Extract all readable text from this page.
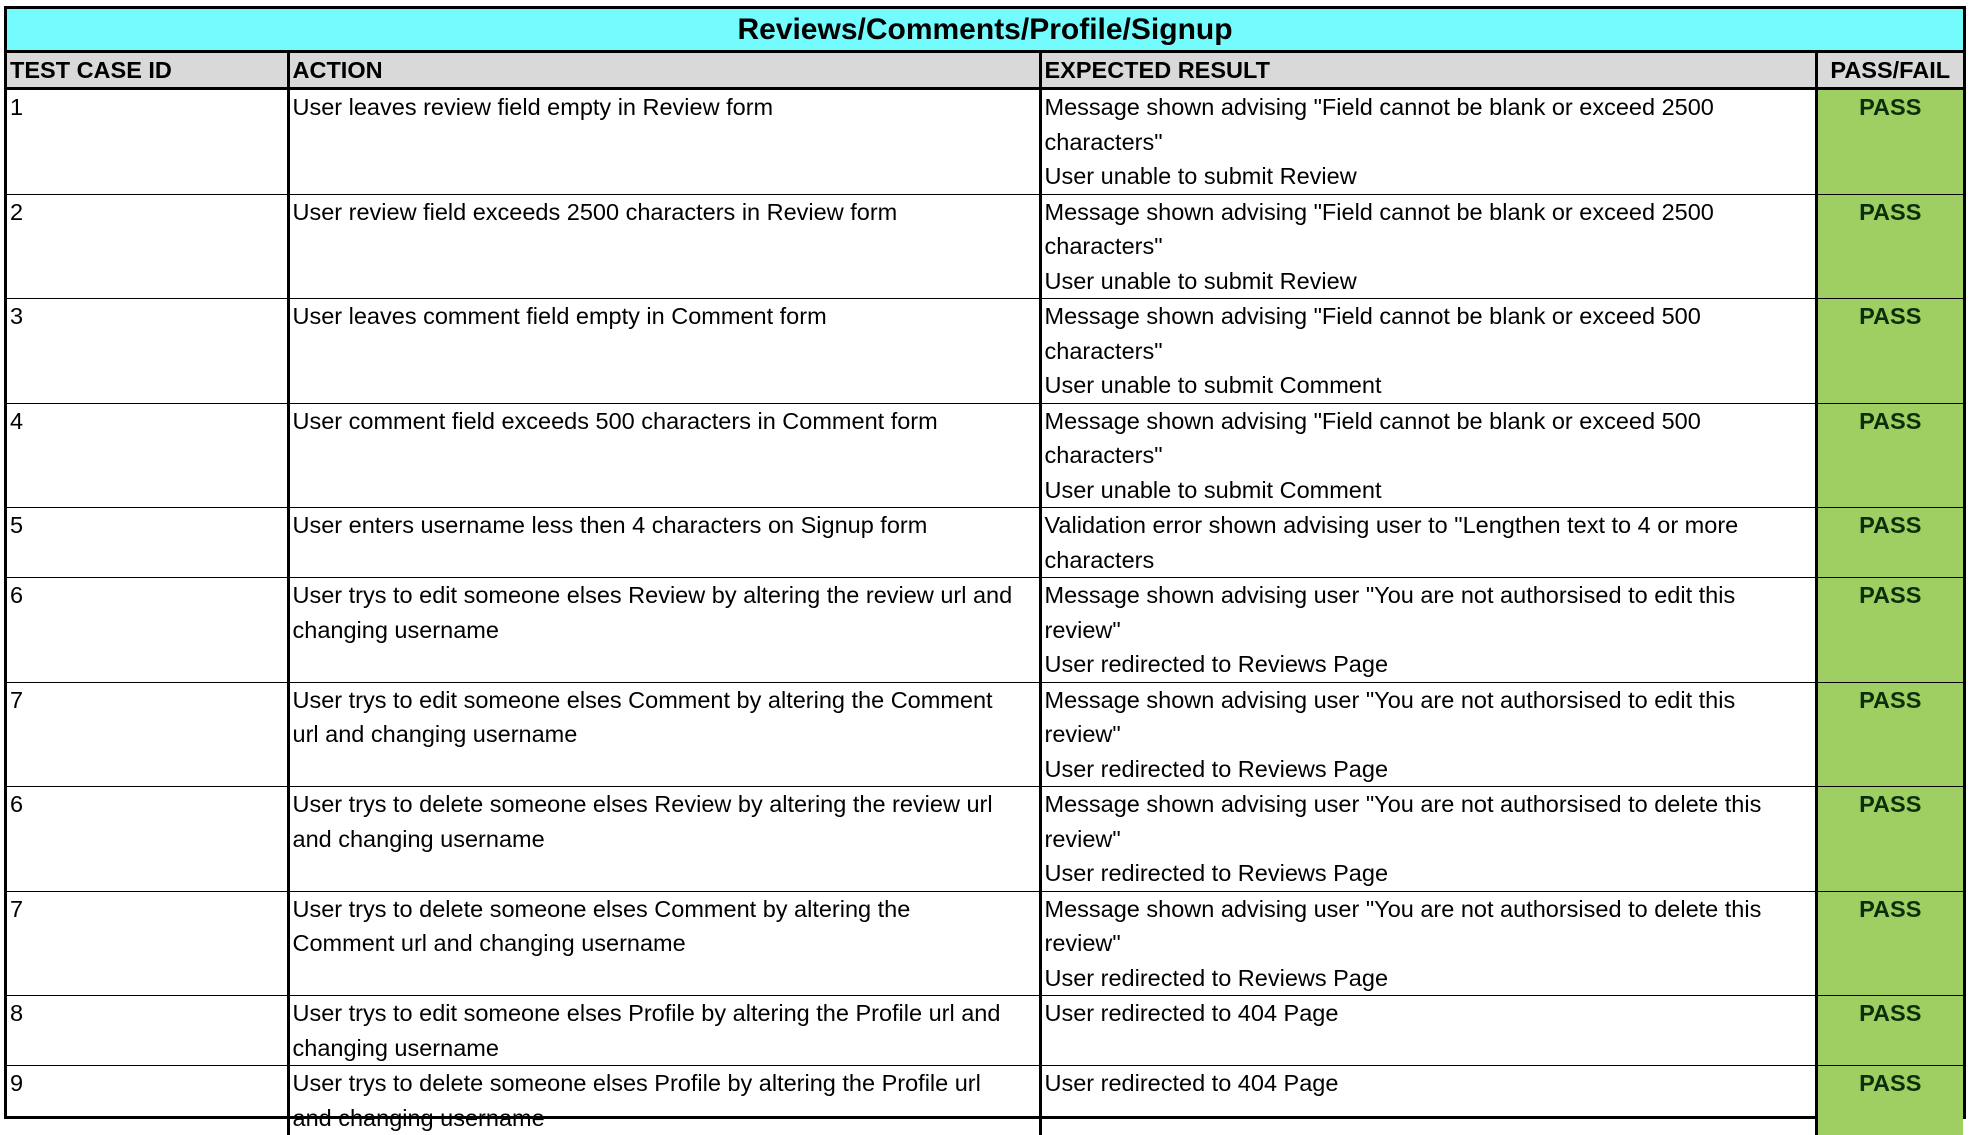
Reviews/Comments/Profile/Signup
TEST CASE ID	ACTION	EXPECTED RESULT	PASS/FAIL
1	User leaves review field empty in Review form	Message shown advising "Field cannot be blank or exceed 2500
characters"
User unable to submit Review	PASS
2	User review field exceeds 2500 characters in Review form	Message shown advising "Field cannot be blank or exceed 2500
characters"
User unable to submit Review	PASS
3	User leaves comment field empty in Comment form	Message shown advising "Field cannot be blank or exceed 500
characters"
User unable to submit Comment	PASS
4	User comment field exceeds 500 characters in Comment form	Message shown advising "Field cannot be blank or exceed 500
characters"
User unable to submit Comment	PASS
5	User enters username less then 4 characters on Signup form	Validation error shown advising user to "Lengthen text to 4 or more
characters	PASS
6	User trys to edit someone elses Review by altering the review url and
changing username	Message shown advising user "You are not authorsised to edit this
review"
User redirected to Reviews Page	PASS
7	User trys to edit someone elses Comment by altering the Comment
url and changing username	Message shown advising user "You are not authorsised to edit this
review"
User redirected to Reviews Page	PASS
6	User trys to delete someone elses Review by altering the review url
and changing username	Message shown advising user "You are not authorsised to delete this
review"
User redirected to Reviews Page	PASS
7	User trys to delete someone elses Comment by altering the
Comment url and changing username	Message shown advising user "You are not authorsised to delete this
review"
User redirected to Reviews Page	PASS
8	User trys to edit someone elses Profile by altering the Profile url and
changing username	User redirected to 404 Page	PASS
9	User trys to delete someone elses Profile by altering the Profile url
and changing username	User redirected to 404 Page	PASS
